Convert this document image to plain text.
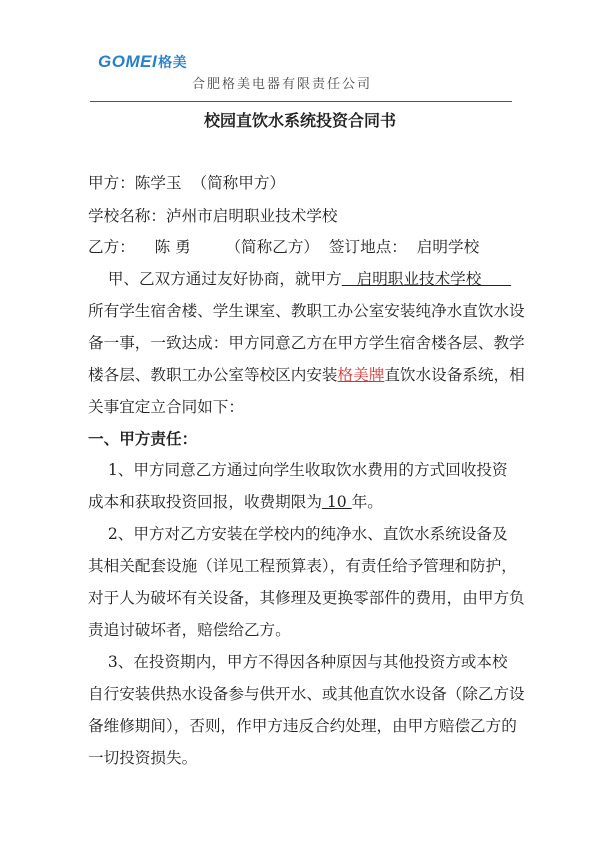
GOMEI格美
合肥格美电器有限责任公司
校园直饮水系统投资合同书
甲方：陈学玉  （简称甲方）
学校名称：泸州市启明职业技术学校
乙方：    陈 勇       （简称乙方）  签订地点：  启明学校
甲、乙双方通过友好协商，就甲方   启明职业技术学校
所有学生宿舍楼、学生课室、教职工办公室安装纯净水直饮水设
备一事，一致达成：甲方同意乙方在甲方学生宿舍楼各层、教学
楼各层、教职工办公室等校区内安装格美牌直饮水设备系统，相
关事宜定立合同如下：
一、甲方责任：
1、甲方同意乙方通过向学生收取饮水费用的方式回收投资
成本和获取投资回报，收费期限为 10 年。
2、甲方对乙方安装在学校内的纯净水、直饮水系统设备及
其相关配套设施（详见工程预算表），有责任给予管理和防护，
对于人为破坏有关设备，其修理及更换零部件的费用，由甲方负
责追讨破坏者，赔偿给乙方。
3、在投资期内，甲方不得因各种原因与其他投资方或本校
自行安装供热水设备参与供开水、或其他直饮水设备（除乙方设
备维修期间），否则，作甲方违反合约处理，由甲方赔偿乙方的
一切投资损失。
